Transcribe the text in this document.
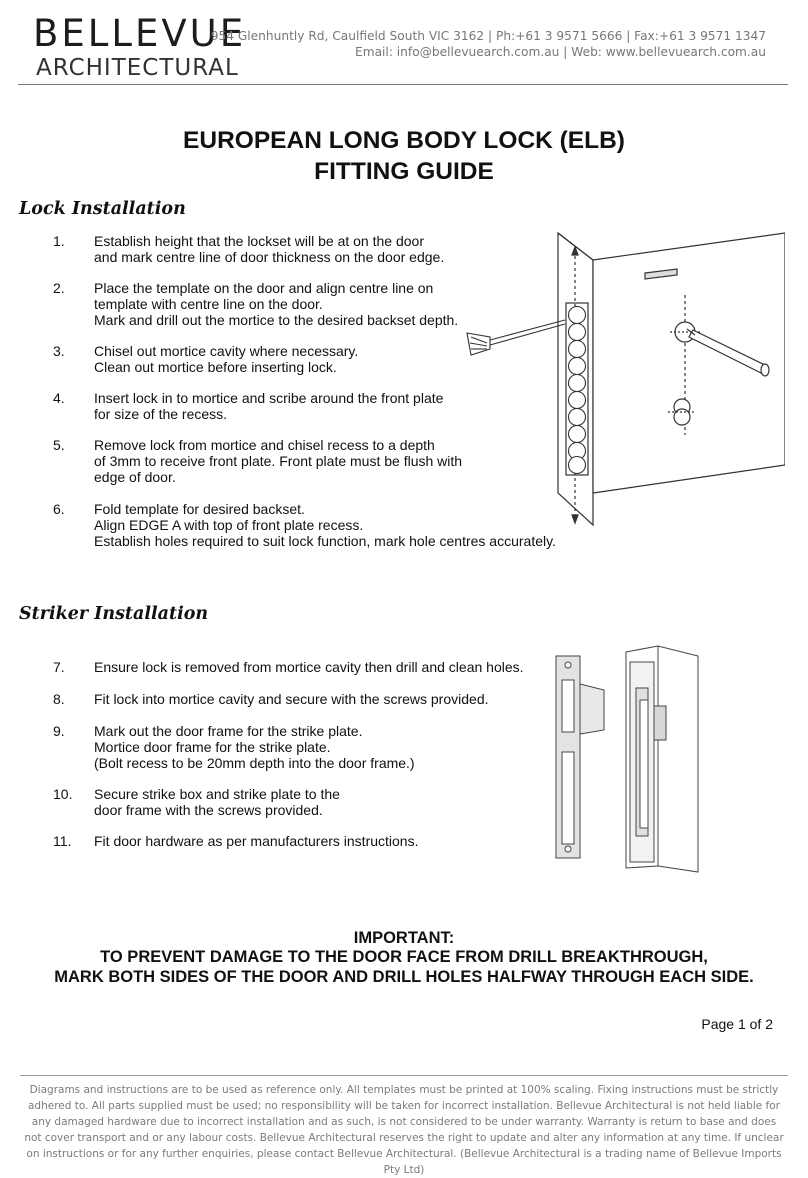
BELLEVUE
ARCHITECTURAL
954 Glenhuntly Rd, Caulfield South VIC 3162 | Ph:+61 3 9571 5666 | Fax:+61 3 9571 1347
Email: info@bellevuearch.com.au | Web: www.bellevuearch.com.au
EUROPEAN LONG BODY LOCK (ELB)
FITTING GUIDE
Lock Installation
1. Establish height that the lockset will be at on the door
and mark centre line of door thickness on the door edge.
2. Place the template on the door and align centre line on
template with centre line on the door.
Mark and drill out the mortice to the desired backset depth.
3. Chisel out mortice cavity where necessary.
Clean out mortice before inserting lock.
4. Insert lock in to mortice and scribe around the front plate
for size of the recess.
5. Remove lock from mortice and chisel recess to a depth
of 3mm to receive front plate. Front plate must be flush with
edge of door.
6. Fold template for desired backset.
Align EDGE A with top of front plate recess.
Establish holes required to suit lock function, mark hole centres accurately.
Striker Installation
7. Ensure lock is removed from mortice cavity then drill and clean holes.
8. Fit lock into mortice cavity and secure with the screws provided.
9. Mark out the door frame for the strike plate.
Mortice door frame for the strike plate.
(Bolt recess to be 20mm depth into the door frame.)
10. Secure strike box and strike plate to the
door frame with the screws provided.
11. Fit door hardware as per manufacturers instructions.
IMPORTANT:
TO PREVENT DAMAGE TO THE DOOR FACE FROM DRILL BREAKTHROUGH,
MARK BOTH SIDES OF THE DOOR AND DRILL HOLES HALFWAY THROUGH EACH SIDE.
Page 1 of 2
Diagrams and instructions are to be used as reference only. All templates must be printed at 100% scaling. Fixing instructions must be strictly adhered to. All parts supplied must be used; no responsibility will be taken for incorrect installation. Bellevue Architectural is not held liable for any damaged hardware due to incorrect installation and as such, is not considered to be under warranty. Warranty is return to base and does not cover transport and or any labour costs. Bellevue Architectural reserves the right to update and alter any information at any time. If unclear on instructions or for any further enquiries, please contact Bellevue Architectural. (Bellevue Architectural is a trading name of Bellevue Imports Pty Ltd)
